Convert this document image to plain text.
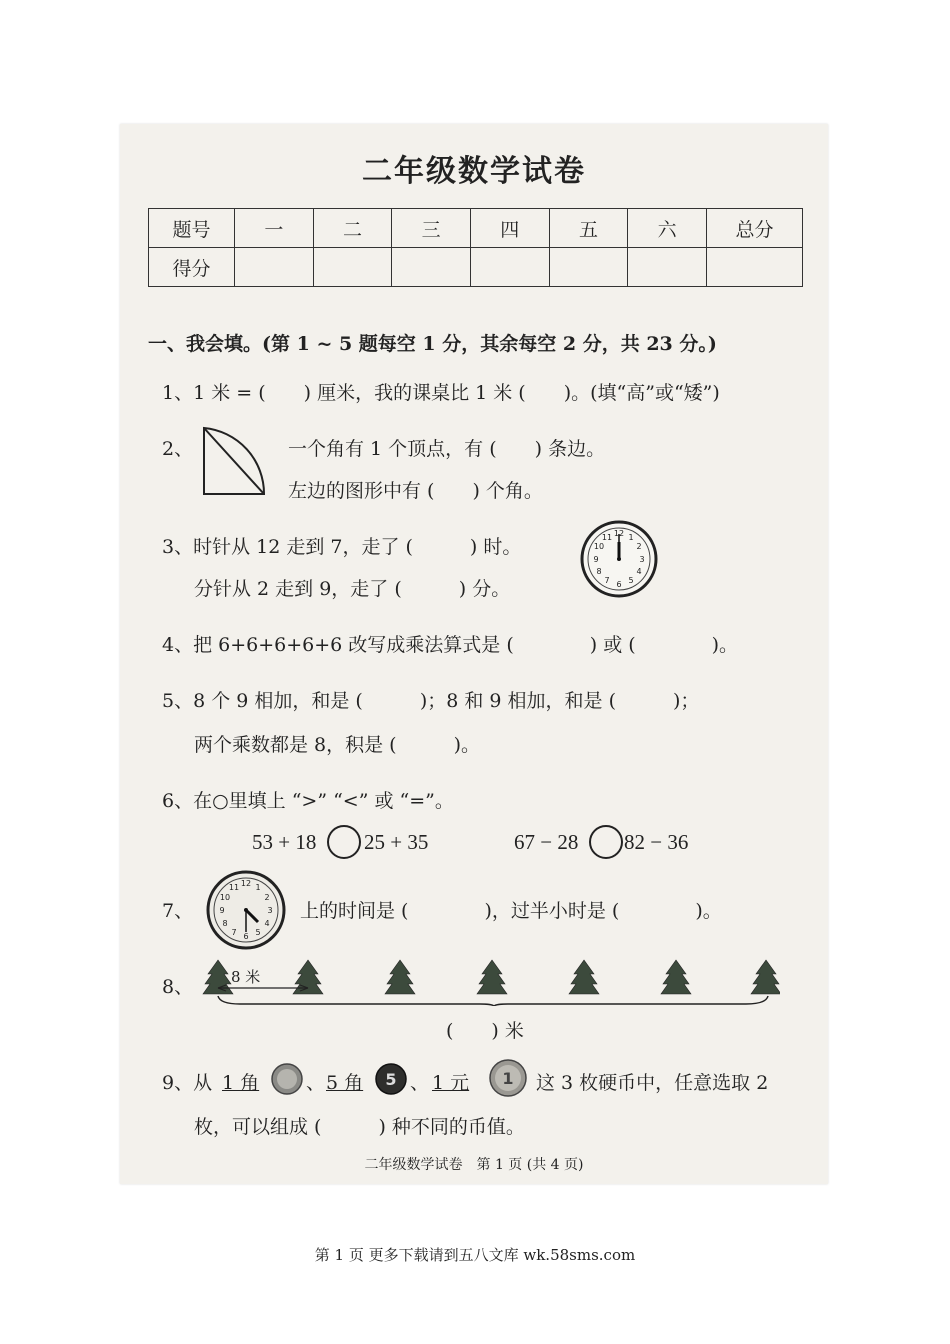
二年级数学试卷
题号	一	二	三	四	五	六	总分
得分							
一、我会填。(第 1 ~ 5 题每空 1 分，其余每空 2 分，共 23 分。)
1、1 米 = (　　) 厘米，我的课桌比 1 米 (　　)。(填“高”或“矮”)
2、	一个角有 1 个顶点，有 (　　) 条边。
左边的图形中有 (　　) 个角。
3、时针从 12 走到 7，走了 (　　　) 时。
分针从 2 走到 9，走了 (　　　) 分。
12 1
2
3
4
5
6
7
8
9
10
11
4、把 6+6+6+6+6 改写成乘法算式是 (　　　　) 或 (　　　　)。
5、8 个 9 相加，和是 (　　　)；8 和 9 相加，和是 (　　　)；
两个乘数都是 8，积是 (　　　)。
6、在○里填上 “>” “<” 或 “=”。
53 + 18 25 + 35	67 − 28 82 − 36
7、
12 1
2
3
4
5
6
7
8
9
10
11
上的时间是 (　　　　)，过半小时是 (　　　　)。
8、	8 米
(　　) 米
9、从 1 角 、 5 角 5 、 1 元 1 这 3 枚硬币中，任意选取 2
枚，可以组成 (　　　) 种不同的币值。
二年级数学试卷　第 1 页 (共 4 页)
第 1 页 更多下载请到五八文库 wk.58sms.com
